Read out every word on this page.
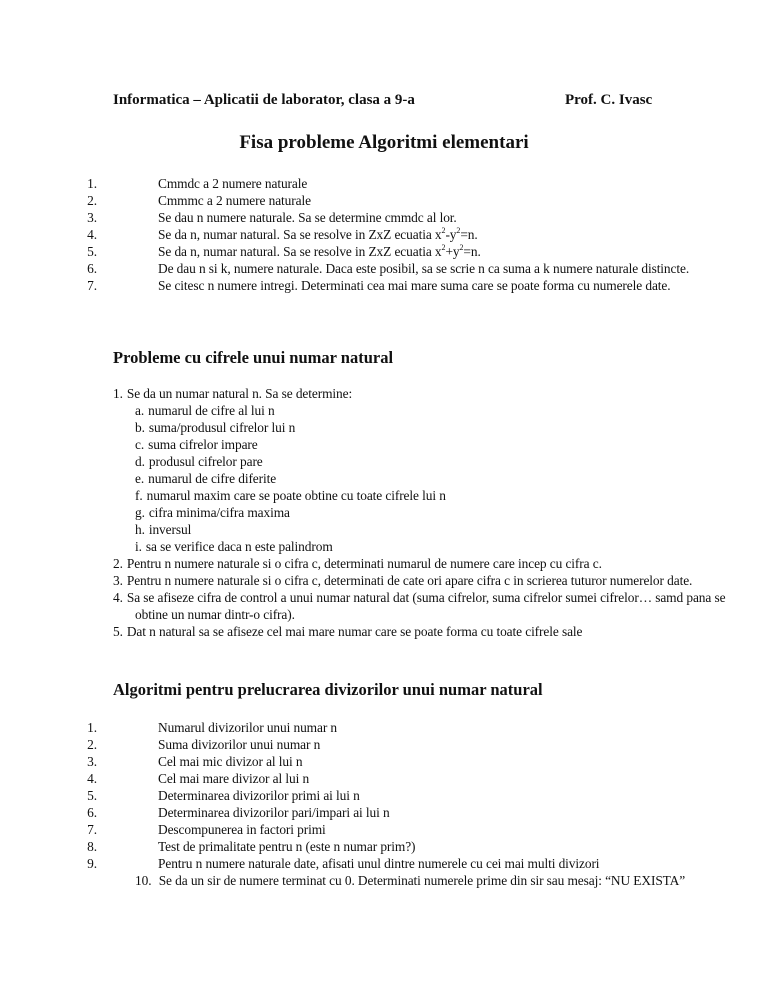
Informatica – Aplicatii de laborator, clasa a 9-a	Prof. C. Ivasc
Fisa probleme Algoritmi elementari
1.	Cmmdc a 2 numere naturale
2.	Cmmmc a 2 numere naturale
3.	Se dau n numere naturale. Sa se determine cmmdc al lor.
4.	Se da n, numar natural. Sa se resolve in ZxZ ecuatia $x^2-y^2=n$.
5.	Se da n, numar natural. Sa se resolve in ZxZ ecuatia $x^2+y^2=n$.
6.	De dau n si k, numere naturale. Daca este posibil, sa se scrie n ca suma a k numere naturale distincte.
7.	Se citesc n numere intregi. Determinati cea mai mare suma care se poate forma cu numerele date.
Probleme cu cifrele unui numar natural
1. Se da un numar natural n. Sa se determine:
a. numarul de cifre al lui n
b. suma/produsul cifrelor lui n
c. suma cifrelor impare
d. produsul cifrelor pare
e. numarul de cifre diferite
f. numarul maxim care se poate obtine cu toate cifrele lui n
g. cifra minima/cifra maxima
h. inversul
i. sa se verifice daca n este palindrom
2. Pentru n numere naturale si o cifra c, determinati numarul de numere care incep cu cifra c.
3. Pentru n numere naturale si o cifra c, determinati de cate ori apare cifra c in scrierea tuturor numerelor date.
4. Sa se afiseze cifra de control a unui numar natural dat (suma cifrelor, suma cifrelor sumei cifrelor… samd pana se obtine un numar dintr-o cifra).
5. Dat n natural sa se afiseze cel mai mare numar care se poate forma cu toate cifrele sale
Algoritmi pentru prelucrarea divizorilor unui numar natural
1.	Numarul divizorilor unui numar n
2.	Suma divizorilor unui numar n
3.	Cel mai mic divizor al lui n
4.	Cel mai mare divizor al lui n
5.	Determinarea divizorilor primi ai lui n
6.	Determinarea divizorilor pari/impari ai lui n
7.	Descompunerea in factori primi
8.	Test de primalitate pentru n (este n numar prim?)
9.	Pentru n numere naturale date, afisati unul dintre numerele cu cei mai multi divizori
10. Se da un sir de numere terminat cu 0. Determinati numerele prime din sir sau mesaj: “NU EXISTA”
